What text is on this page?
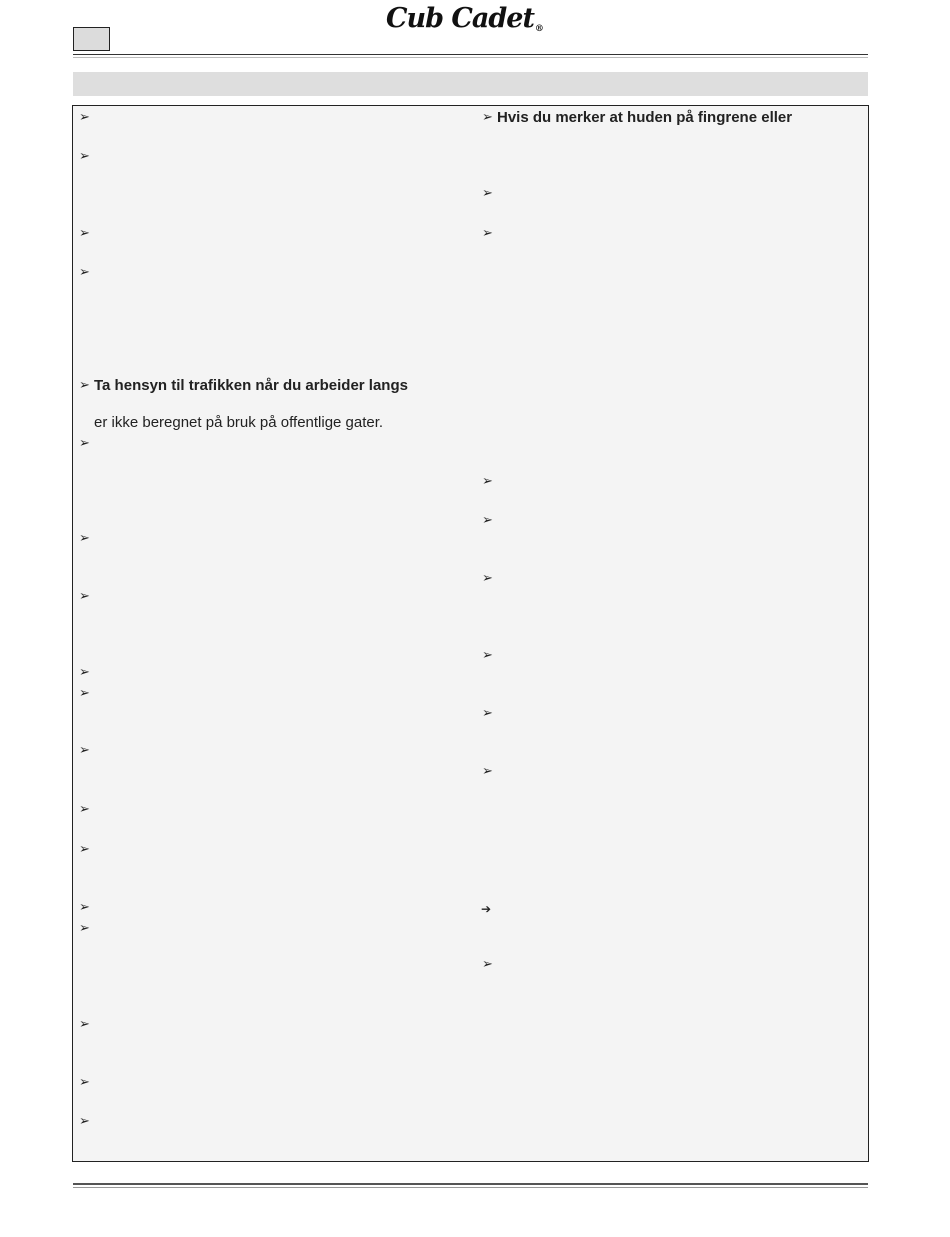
Cub Cadet®
➢
➢
➢
➢
➢ Ta hensyn til trafikken når du arbeider langs
er ikke beregnet på bruk på offentlige gater.
➢
➢
➢
➢
➢
➢
➢
➢
➢
➢
➢
➢
➢
➢ Hvis du merker at huden på fingrene eller
➢
➢
➢
➢
➢
➢
➢
➢
➔
➢
